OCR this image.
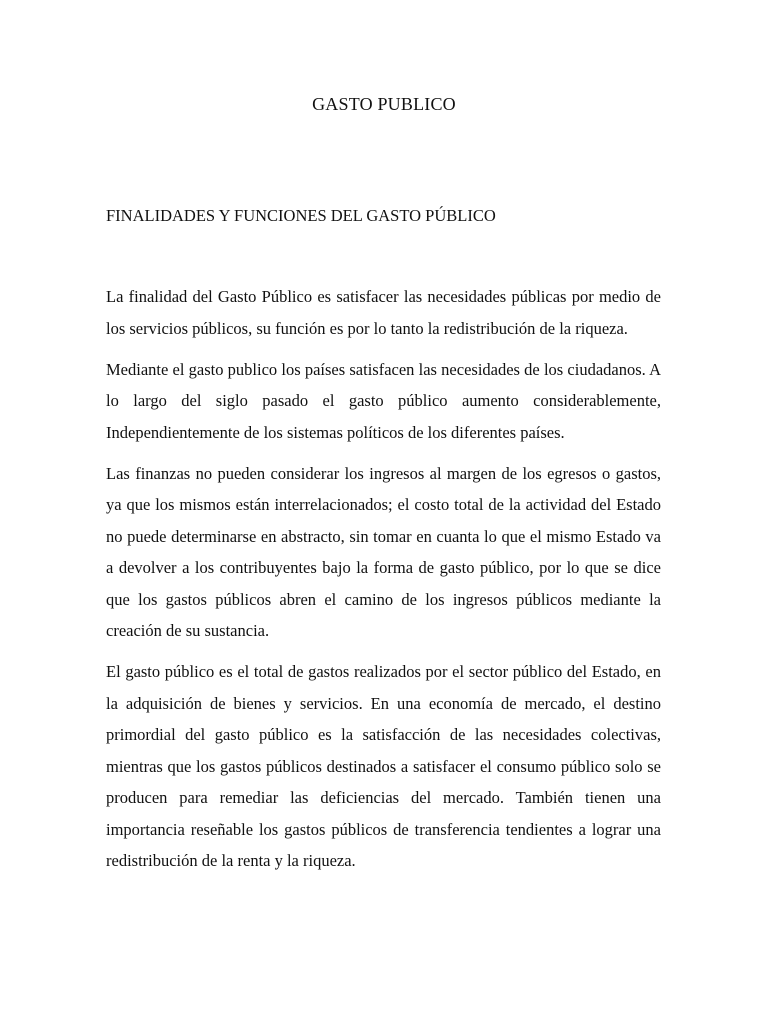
GASTO PUBLICO
FINALIDADES Y FUNCIONES DEL GASTO PÚBLICO

La finalidad del Gasto Público es satisfacer las necesidades públicas por medio de los servicios públicos, su función es por lo tanto la redistribución de la riqueza.

Mediante el gasto publico los países satisfacen las necesidades de los ciudadanos. A lo largo del siglo pasado el gasto público aumento considerablemente, Independientemente de los sistemas políticos de los diferentes países.

Las finanzas no pueden considerar los ingresos al margen de los egresos o gastos, ya que los mismos están interrelacionados; el costo total de la actividad del Estado no puede determinarse en abstracto, sin tomar en cuanta lo que el mismo Estado va a devolver a los contribuyentes bajo la forma de gasto público, por lo que se dice que los gastos públicos abren el camino de los ingresos públicos mediante la creación de su sustancia.

El gasto público es el total de gastos realizados por el sector público del Estado, en la adquisición de bienes y servicios. En una economía de mercado, el destino primordial del gasto público es la satisfacción de las necesidades colectivas, mientras que los gastos públicos destinados a satisfacer el consumo público solo se producen para remediar las deficiencias del mercado. También tienen una importancia reseñable los gastos públicos de transferencia tendientes a lograr una redistribución de la renta y la riqueza.
